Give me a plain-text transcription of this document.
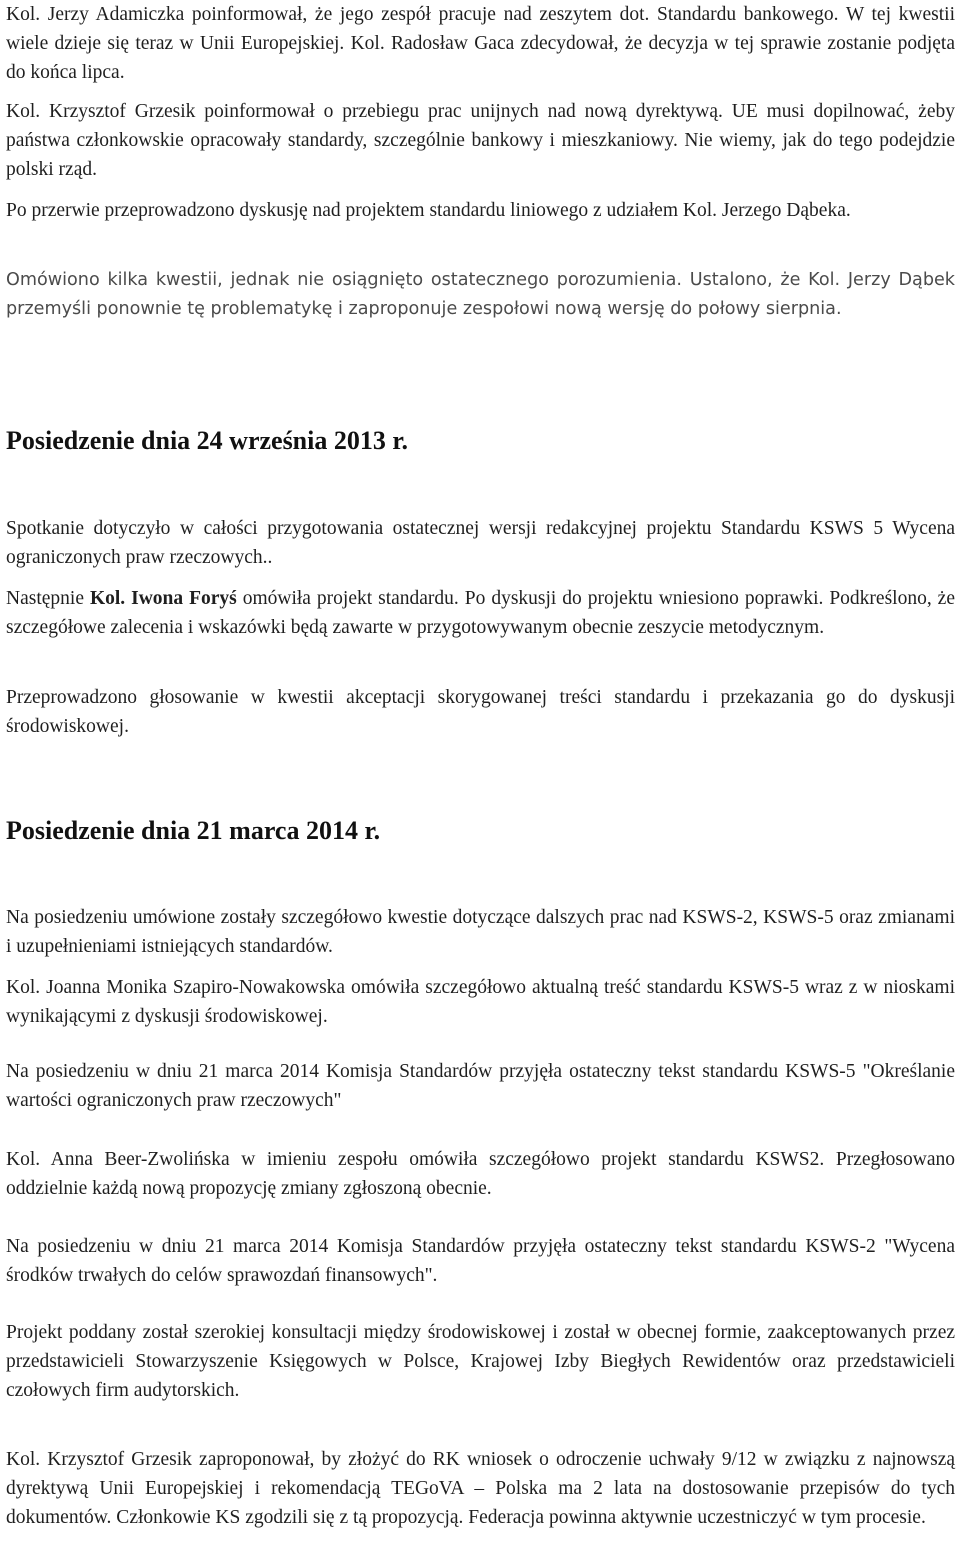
Kol. Jerzy Adamiczka poinformował, że jego zespół pracuje nad zeszytem dot. Standardu bankowego. W tej kwestii wiele dzieje się teraz w Unii Europejskiej. Kol. Radosław Gaca zdecydował, że decyzja w tej sprawie zostanie podjęta do końca lipca.

Kol. Krzysztof Grzesik poinformował o przebiegu prac unijnych nad nową dyrektywą. UE musi dopilnować, żeby państwa członkowskie opracowały standardy, szczególnie bankowy i mieszkaniowy. Nie wiemy, jak do tego podejdzie polski rząd.

Po przerwie przeprowadzono dyskusję nad projektem standardu liniowego z udziałem Kol. Jerzego Dąbeka.

Omówiono kilka kwestii, jednak nie osiągnięto ostatecznego porozumienia. Ustalono, że Kol. Jerzy Dąbek przemyśli ponownie tę problematykę i zaproponuje zespołowi nową wersję do połowy sierpnia.

Posiedzenie dnia 24 września 2013 r.

Spotkanie dotyczyło w całości przygotowania ostatecznej wersji redakcyjnej projektu Standardu KSWS 5 Wycena ograniczonych praw rzeczowych..

Następnie Kol. Iwona Foryś omówiła projekt standardu. Po dyskusji do projektu wniesiono poprawki. Podkreślono, że szczegółowe zalecenia i wskazówki będą zawarte w przygotowywanym obecnie zeszycie metodycznym.

Przeprowadzono głosowanie w kwestii akceptacji skorygowanej treści standardu i przekazania go do dyskusji środowiskowej.

Posiedzenie dnia 21 marca 2014 r.

Na posiedzeniu umówione zostały szczegółowo kwestie dotyczące dalszych prac nad KSWS-2, KSWS-5 oraz zmianami i uzupełnieniami istniejących standardów.

Kol. Joanna Monika Szapiro-Nowakowska omówiła szczegółowo aktualną treść standardu KSWS-5 wraz z w nioskami wynikającymi z dyskusji środowiskowej.

Na posiedzeniu w dniu 21 marca 2014 Komisja Standardów przyjęła ostateczny tekst standardu KSWS-5 "Określanie wartości ograniczonych praw rzeczowych"

Kol. Anna Beer-Zwolińska w imieniu zespołu omówiła szczegółowo projekt standardu KSWS2. Przegłosowano oddzielnie każdą nową propozycję zmiany zgłoszoną obecnie.

Na posiedzeniu w dniu 21 marca 2014 Komisja Standardów przyjęła ostateczny tekst standardu KSWS-2 "Wycena środków trwałych do celów sprawozdań finansowych".

Projekt poddany został szerokiej konsultacji między środowiskowej i został w obecnej formie, zaakceptowanych przez przedstawicieli Stowarzyszenie Księgowych w Polsce, Krajowej Izby Biegłych Rewidentów oraz przedstawicieli czołowych firm audytorskich.

Kol. Krzysztof Grzesik zaproponował, by złożyć do RK wniosek o odroczenie uchwały 9/12 w związku z najnowszą dyrektywą Unii Europejskiej i rekomendacją TEGoVA – Polska ma 2 lata na dostosowanie przepisów do tych dokumentów. Członkowie KS zgodzili się z tą propozycją. Federacja powinna aktywnie uczestniczyć w tym procesie.
